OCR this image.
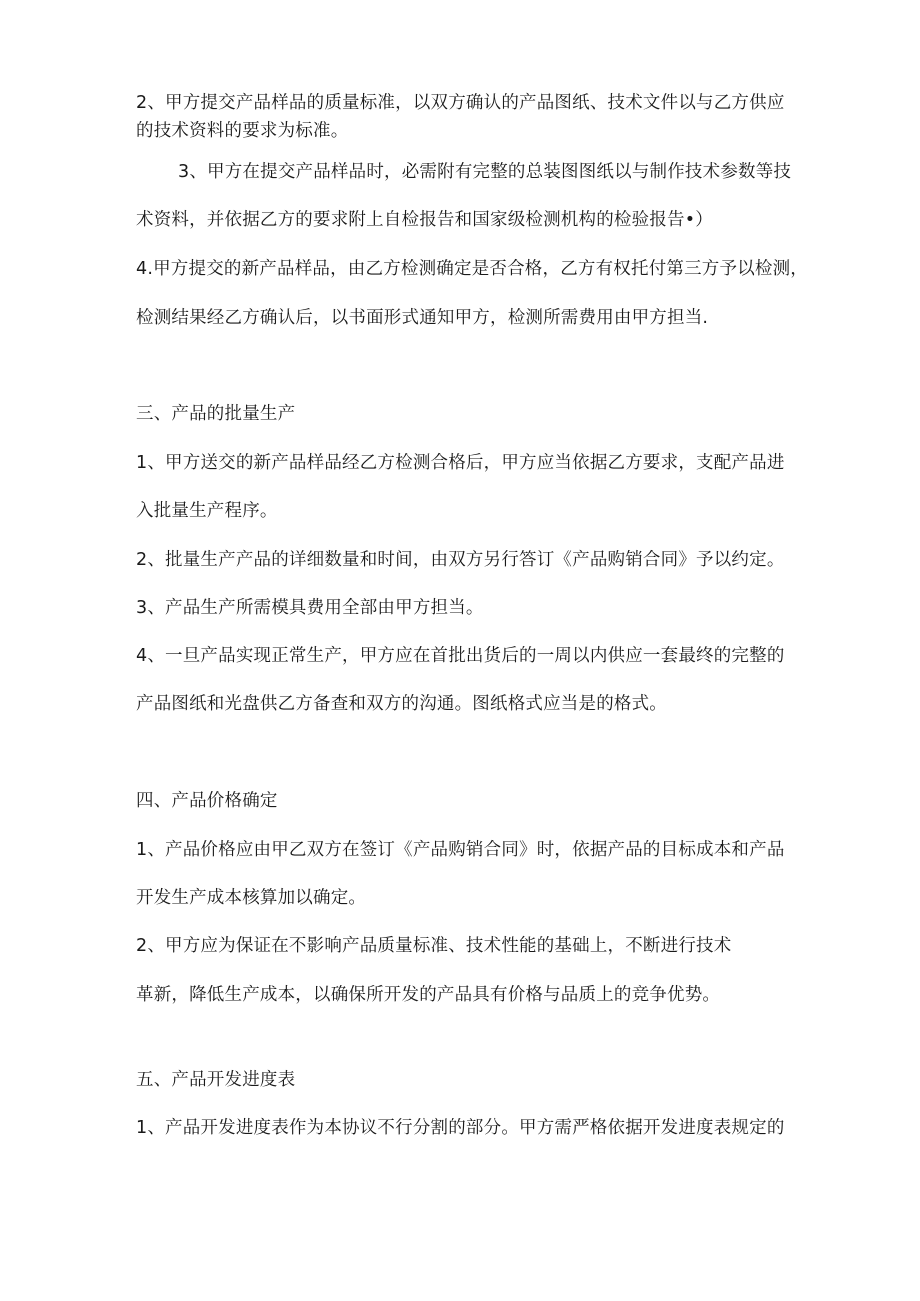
2、甲方提交产品样品的质量标准，以双方确认的产品图纸、技术文件以与乙方供应
的技术资料的要求为标准。
3、甲方在提交产品样品时，必需附有完整的总装图图纸以与制作技术参数等技
术资料，并依据乙方的要求附上自检报告和国家级检测机构的检验报告•）
4.甲方提交的新产品样品，由乙方检测确定是否合格，乙方有权托付第三方予以检测，
检测结果经乙方确认后，以书面形式通知甲方，检测所需费用由甲方担当.
三、产品的批量生产
1、甲方送交的新产品样品经乙方检测合格后，甲方应当依据乙方要求，支配产品进
入批量生产程序。
2、批量生产产品的详细数量和时间，由双方另行答订《产品购销合同》予以约定。
3、产品生产所需模具费用全部由甲方担当。
4、一旦产品实现正常生产，甲方应在首批出货后的一周以内供应一套最终的完整的
产品图纸和光盘供乙方备查和双方的沟通。图纸格式应当是的格式。
四、产品价格确定
1、产品价格应由甲乙双方在签订《产品购销合同》时，依据产品的目标成本和产品
开发生产成本核算加以确定。
2、甲方应为保证在不影响产品质量标准、技术性能的基础上，不断进行技术
革新，降低生产成本，以确保所开发的产品具有价格与品质上的竞争优势。
五、产品开发进度表
1、产品开发进度表作为本协议不行分割的部分。甲方需严格依据开发进度表规定的
